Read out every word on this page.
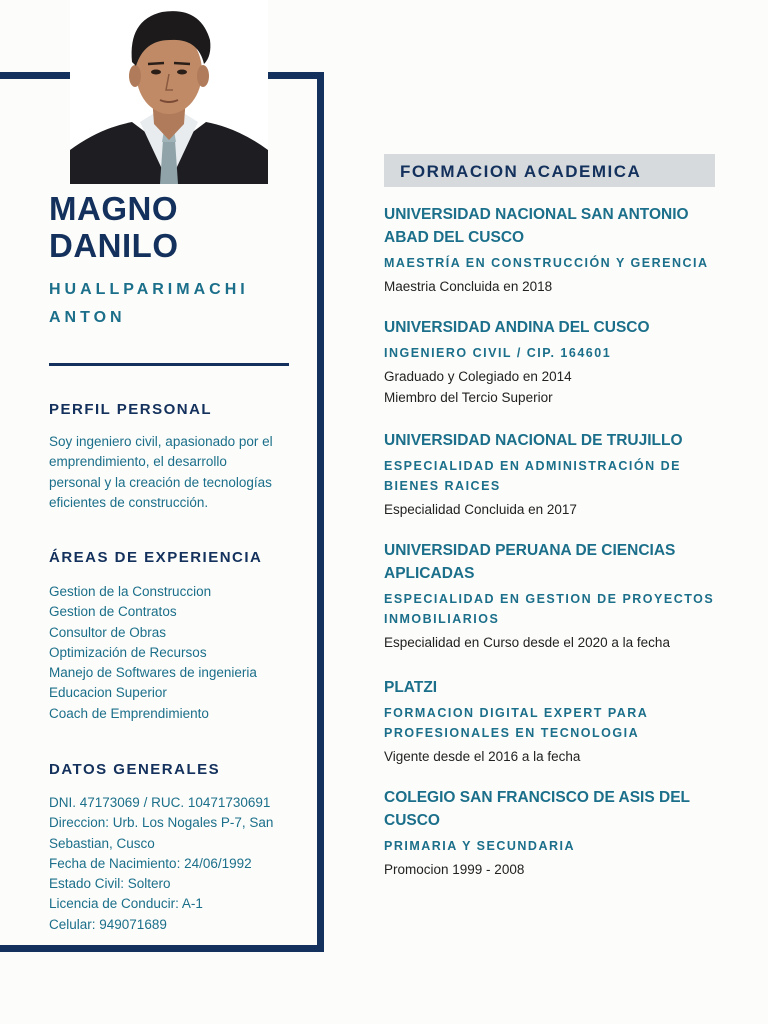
MAGNO
DANILO
HUALLPARIMACHI
ANTON
PERFIL PERSONAL
Soy ingeniero civil, apasionado por el
emprendimiento, el desarrollo
personal y la creación de tecnologías
eficientes de construcción.
ÁREAS DE EXPERIENCIA
Gestion de la Construccion
Gestion de Contratos
Consultor de Obras
Optimización de Recursos
Manejo de Softwares de ingenieria
Educacion Superior
Coach de Emprendimiento
DATOS GENERALES
DNI. 47173069 / RUC. 10471730691
Direccion: Urb. Los Nogales P-7, San
Sebastian, Cusco
Fecha de Nacimiento: 24/06/1992
Estado Civil: Soltero
Licencia de Conducir: A-1
Celular: 949071689
FORMACION ACADEMICA
UNIVERSIDAD NACIONAL SAN ANTONIO
ABAD DEL CUSCO
MAESTRÍA EN CONSTRUCCIÓN Y GERENCIA
Maestria Concluida en 2018
UNIVERSIDAD ANDINA DEL CUSCO
INGENIERO CIVIL / CIP. 164601
Graduado y Colegiado en 2014
Miembro del Tercio Superior
UNIVERSIDAD NACIONAL DE TRUJILLO
ESPECIALIDAD EN ADMINISTRACIÓN DE
BIENES RAICES
Especialidad Concluida en 2017
UNIVERSIDAD PERUANA DE CIENCIAS
APLICADAS
ESPECIALIDAD EN GESTION DE PROYECTOS
INMOBILIARIOS
Especialidad en Curso desde el 2020 a la fecha
PLATZI
FORMACION DIGITAL EXPERT PARA
PROFESIONALES EN TECNOLOGIA
Vigente desde el 2016 a la fecha
COLEGIO SAN FRANCISCO DE ASIS DEL
CUSCO
PRIMARIA Y SECUNDARIA
Promocion 1999 - 2008
